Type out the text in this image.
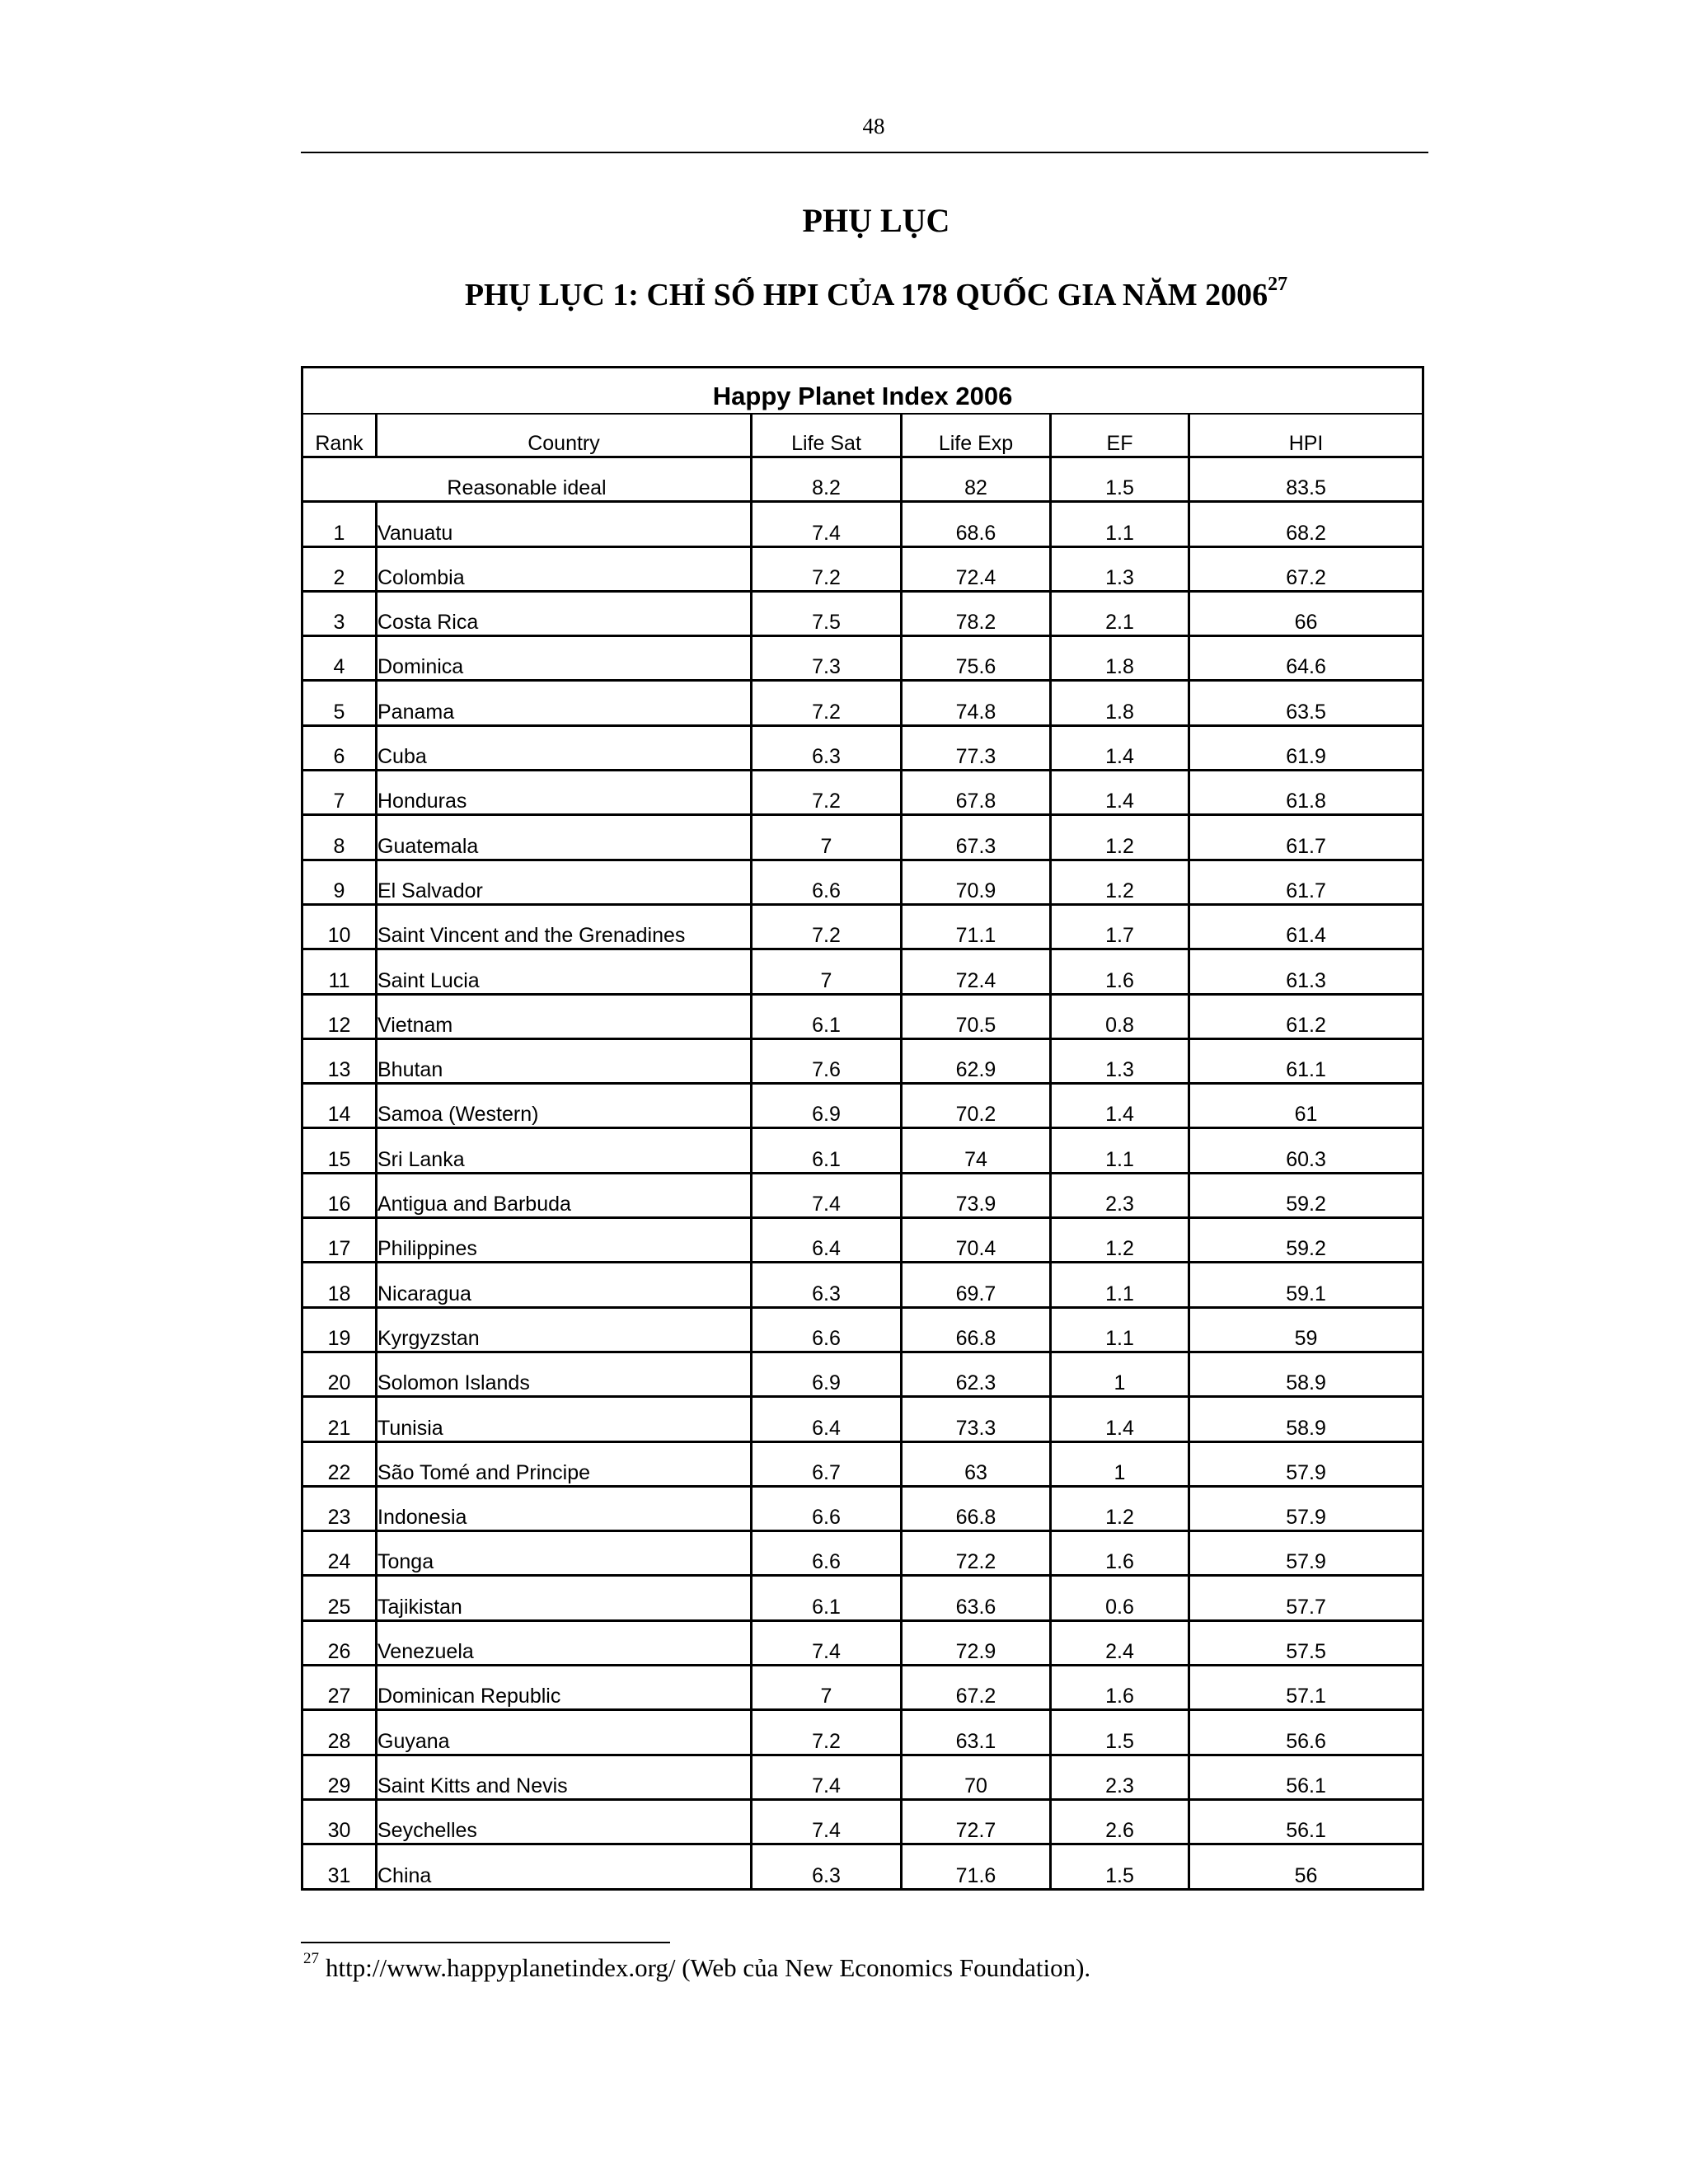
48
PHỤ LỤC
PHỤ LỤC 1: CHỈ SỐ HPI CỦA 178 QUỐC GIA NĂM 2006$^{27}$
Happy Planet Index 2006					
Rank	Country	Life Sat	Life Exp	EF	HPI
Reasonable ideal		8.2	82	1.5	83.5
1	Vanuatu	7.4	68.6	1.1	68.2
2	Colombia	7.2	72.4	1.3	67.2
3	Costa Rica	7.5	78.2	2.1	66
4	Dominica	7.3	75.6	1.8	64.6
5	Panama	7.2	74.8	1.8	63.5
6	Cuba	6.3	77.3	1.4	61.9
7	Honduras	7.2	67.8	1.4	61.8
8	Guatemala	7	67.3	1.2	61.7
9	El Salvador	6.6	70.9	1.2	61.7
10	Saint Vincent and the Grenadines	7.2	71.1	1.7	61.4
11	Saint Lucia	7	72.4	1.6	61.3
12	Vietnam	6.1	70.5	0.8	61.2
13	Bhutan	7.6	62.9	1.3	61.1
14	Samoa (Western)	6.9	70.2	1.4	61
15	Sri Lanka	6.1	74	1.1	60.3
16	Antigua and Barbuda	7.4	73.9	2.3	59.2
17	Philippines	6.4	70.4	1.2	59.2
18	Nicaragua	6.3	69.7	1.1	59.1
19	Kyrgyzstan	6.6	66.8	1.1	59
20	Solomon Islands	6.9	62.3	1	58.9
21	Tunisia	6.4	73.3	1.4	58.9
22	São Tomé and Principe	6.7	63	1	57.9
23	Indonesia	6.6	66.8	1.2	57.9
24	Tonga	6.6	72.2	1.6	57.9
25	Tajikistan	6.1	63.6	0.6	57.7
26	Venezuela	7.4	72.9	2.4	57.5
27	Dominican Republic	7	67.2	1.6	57.1
28	Guyana	7.2	63.1	1.5	56.6
29	Saint Kitts and Nevis	7.4	70	2.3	56.1
30	Seychelles	7.4	72.7	2.6	56.1
31	China	6.3	71.6	1.5	56
$^{27}$ http://www.happyplanetindex.org/ (Web của New Economics Foundation).
